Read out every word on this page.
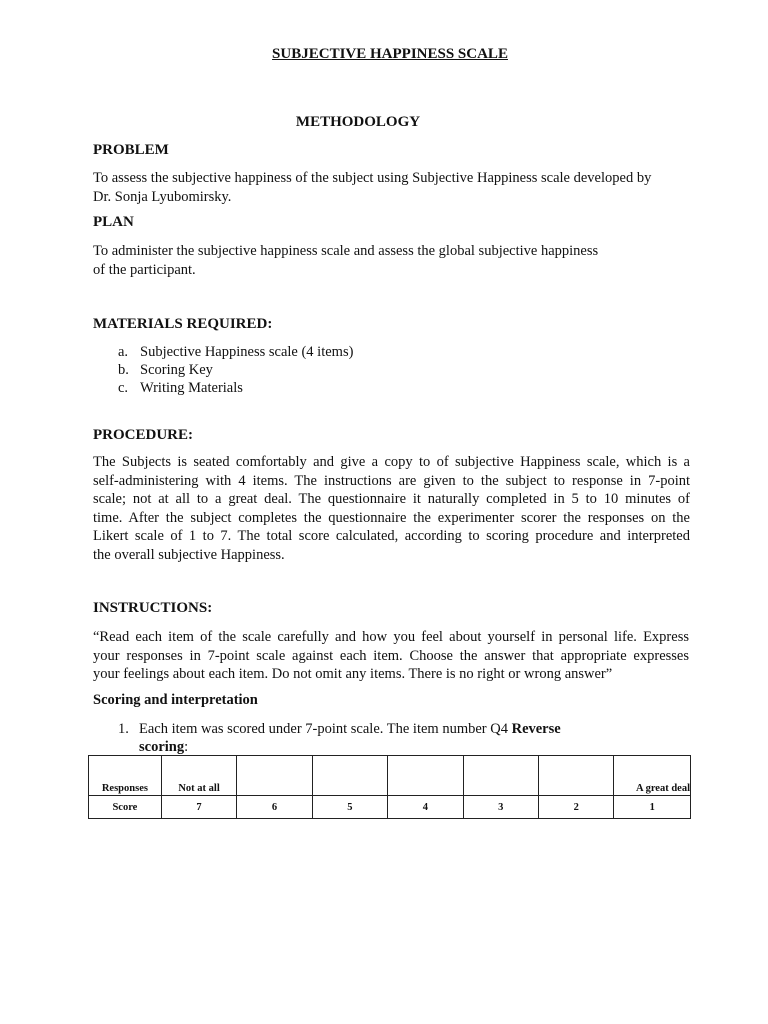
SUBJECTIVE HAPPINESS SCALE
METHODOLOGY
PROBLEM
To assess the subjective happiness of the subject using Subjective Happiness scale developed by
Dr. Sonja Lyubomirsky.
PLAN
To administer the subjective happiness scale and assess the global subjective happiness
of the participant.
MATERIALS REQUIRED:
a. Subjective Happiness scale (4 items)
b. Scoring Key
c. Writing Materials
PROCEDURE:
The Subjects is seated comfortably and give a copy to of subjective Happiness scale, which is a
self-administering with 4 items. The instructions are given to the subject to response in 7-point
scale; not at all to a great deal. The questionnaire it naturally completed in 5 to 10 minutes of
time. After the subject completes the questionnaire the experimenter scorer the responses on the
Likert scale of 1 to 7. The total score calculated, according to scoring procedure and interpreted
the overall subjective Happiness.
INSTRUCTIONS:
“Read each item of the scale carefully and how you feel about yourself in personal life. Express
your responses in 7-point scale against each item. Choose the answer that appropriate expresses
your feelings about each item. Do not omit any items. There is no right or wrong answer”
Scoring and interpretation
1. Each item was scored under 7-point scale. The item number Q4 Reverse
scoring:
Responses	Not at all						A great deal
Score	7	6	5	4	3	2	1
